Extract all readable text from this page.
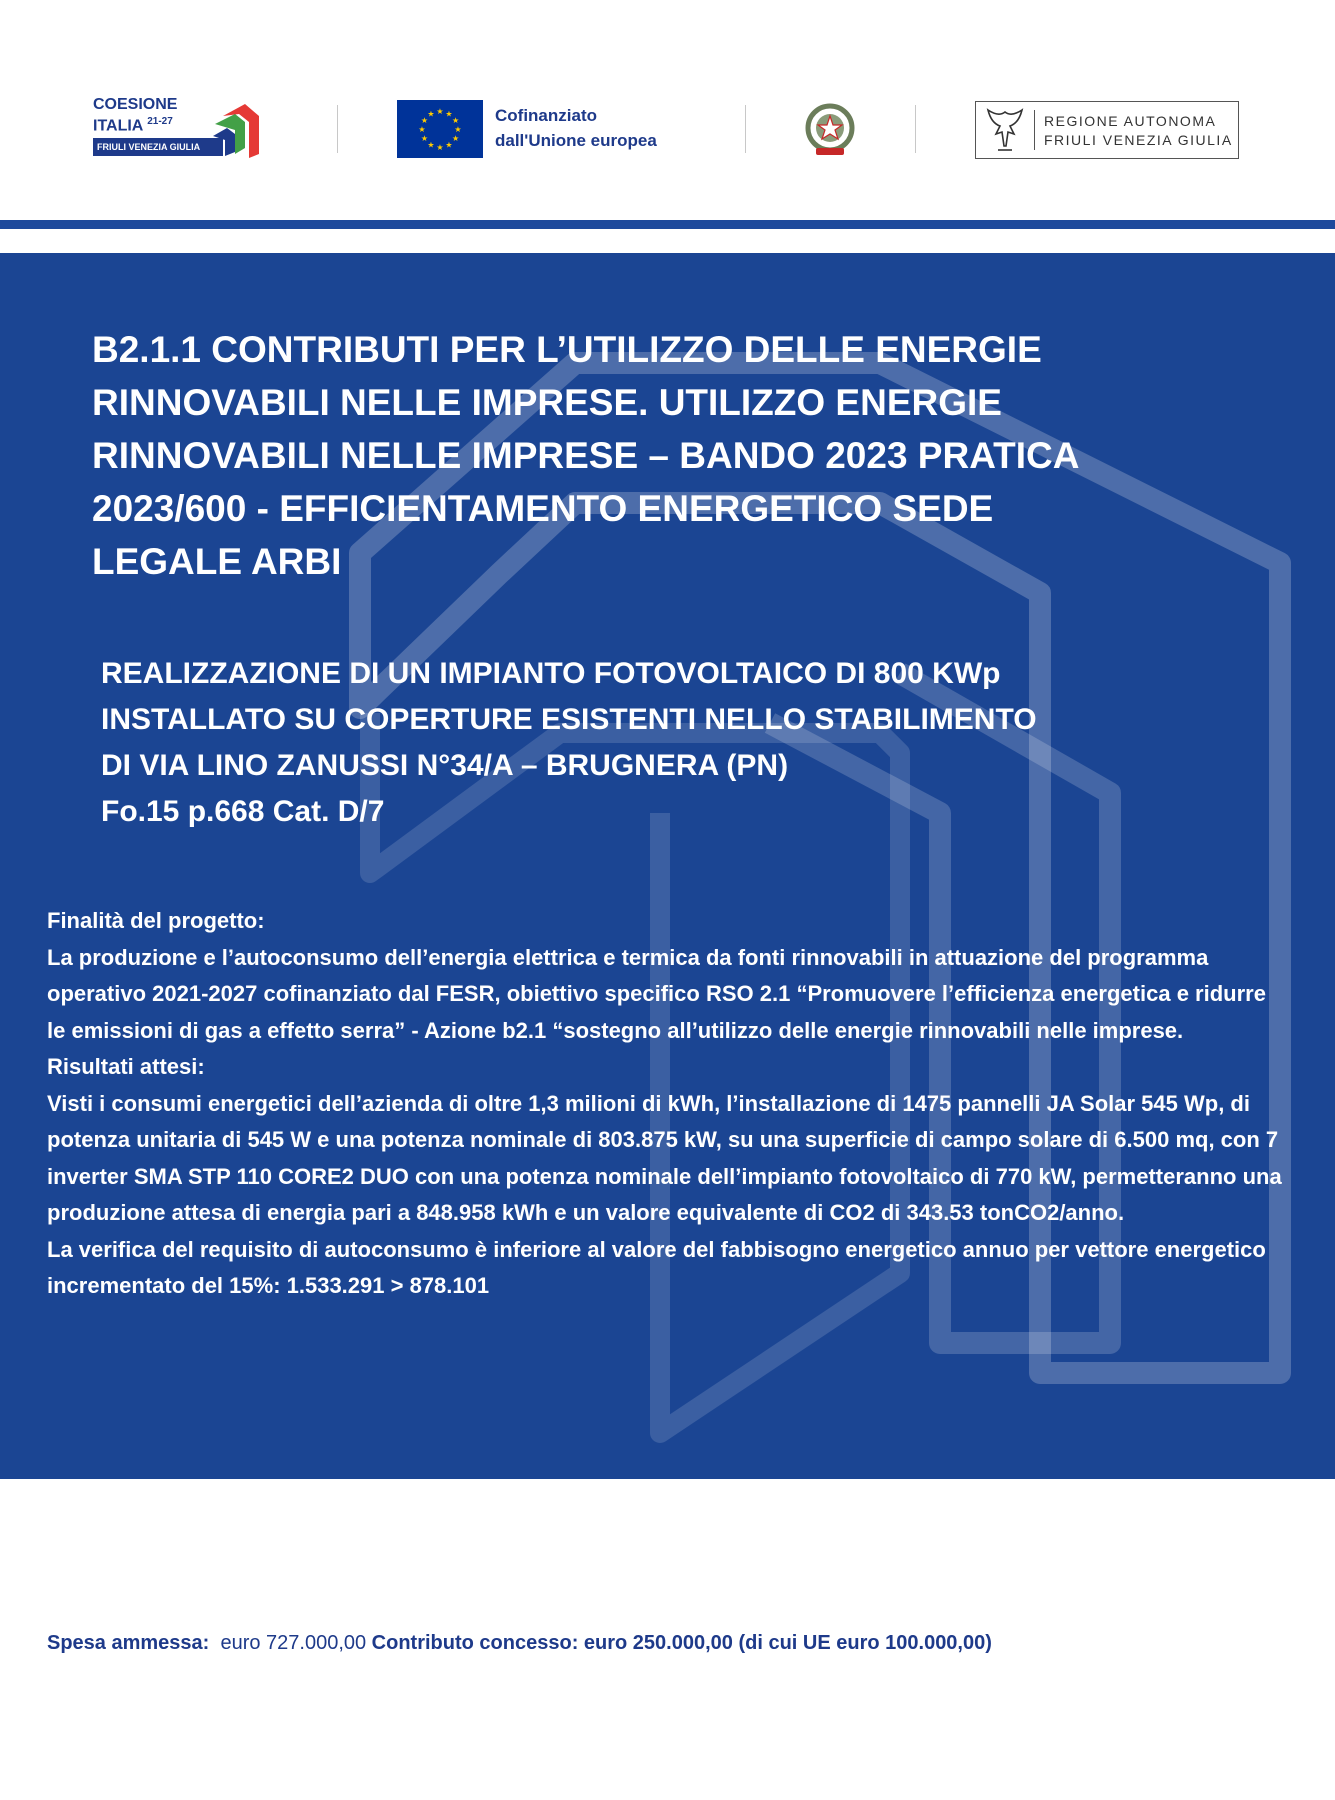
COESIONE
ITALIA $^{21-27}$
FRIULI VENEZIA GIULIA
★
★
★
★
★
★
★
★
★ ★ ★
★ Cofinanziato
dall'Unione europea
REGIONE AUTONOMA
FRIULI VENEZIA GIULIA
B2.1.1 CONTRIBUTI PER L’UTILIZZO DELLE ENERGIE RINNOVABILI NELLE IMPRESE. UTILIZZO ENERGIE RINNOVABILI NELLE IMPRESE – BANDO 2023 PRATICA 2023/600 - EFFICIENTAMENTO ENERGETICO SEDE LEGALE ARBI
REALIZZAZIONE DI UN IMPIANTO FOTOVOLTAICO DI 800 KWp
INSTALLATO SU COPERTURE ESISTENTI NELLO STABILIMENTO
DI VIA LINO ZANUSSI N°34/A – BRUGNERA (PN)
Fo.15 p.668 Cat. D/7

Finalità del progetto:

La produzione e l’autoconsumo dell’energia elettrica e termica da fonti rinnovabili in attuazione del programma operativo 2021-2027 cofinanziato dal FESR, obiettivo specifico RSO 2.1 “Promuovere l’efficienza energetica e ridurre le emissioni di gas a effetto serra” - Azione b2.1 “sostegno all’utilizzo delle energie rinnovabili nelle imprese.

Risultati attesi:

Visti i consumi energetici dell’azienda di oltre 1,3 milioni di kWh, l’installazione di 1475 pannelli JA Solar 545 Wp, di potenza unitaria di 545 W e una potenza nominale di 803.875 kW, su una superficie di campo solare di 6.500 mq, con 7 inverter SMA STP 110 CORE2 DUO con una potenza nominale dell’impianto fotovoltaico di 770 kW, permetteranno una produzione attesa di energia pari a 848.958 kWh e un valore equivalente di CO2 di 343.53 tonCO2/anno.

La verifica del requisito di autoconsumo è inferiore al valore del fabbisogno energetico annuo per vettore energetico incrementato del 15%: 1.533.291 > 878.101

Spesa ammessa:  euro 727.000,00 Contributo concesso: euro 250.000,00 (di cui UE euro 100.000,00)
